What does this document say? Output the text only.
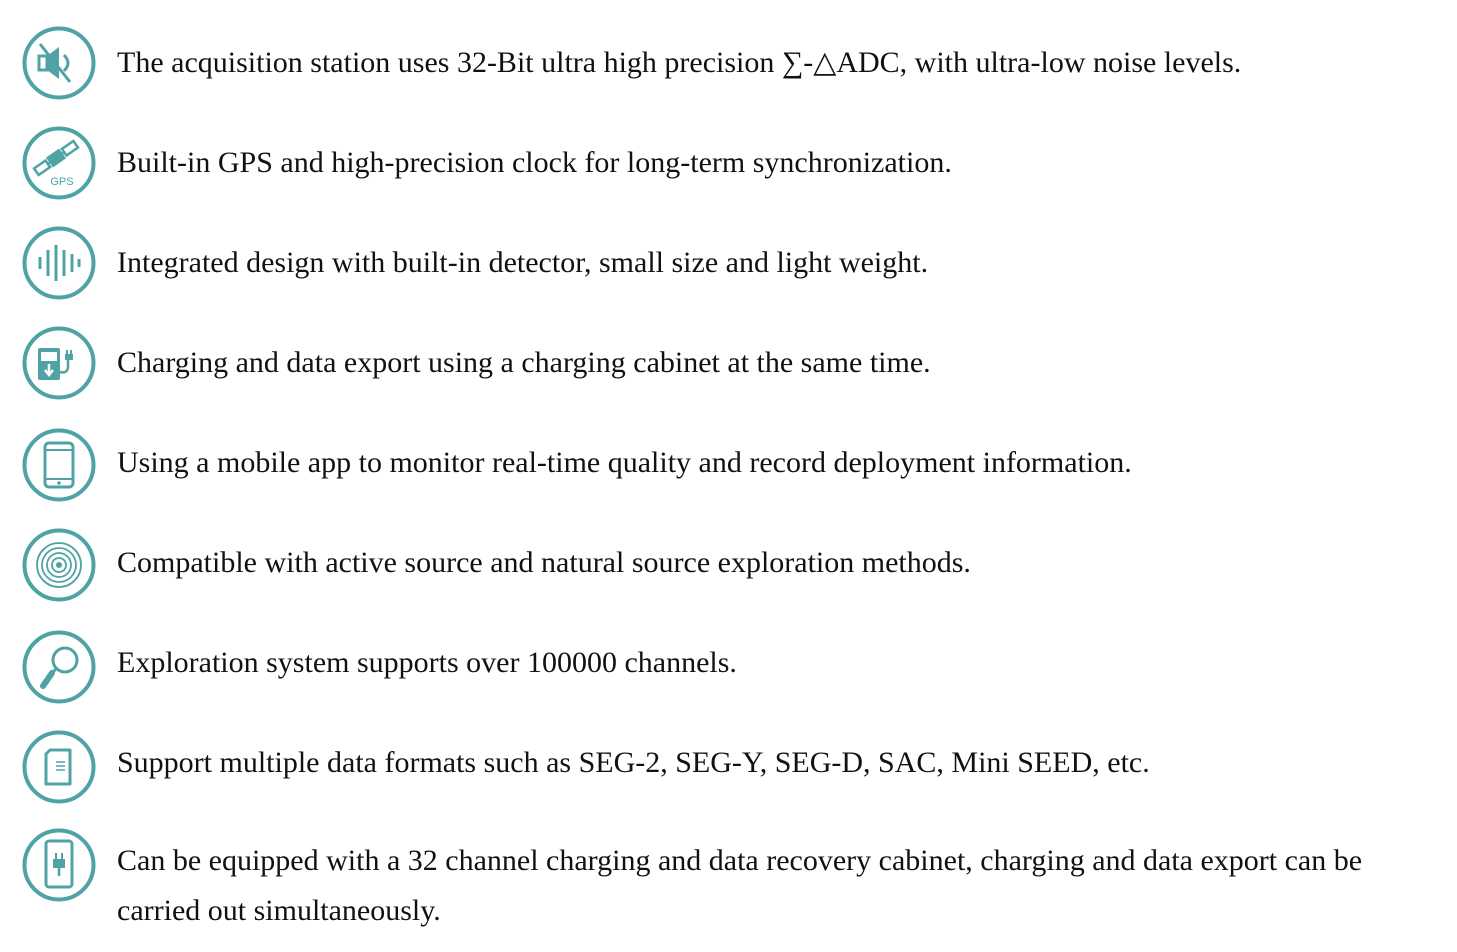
The acquisition station uses 32-Bit ultra high precision ∑-△ADC, with ultra-low noise levels.
GPS
Built-in GPS and high-precision clock for long-term synchronization.
Integrated design with built-in detector, small size and light weight.
Charging and data export using a charging cabinet at the same time.
Using a mobile app to monitor real-time quality and record deployment information.
Compatible with active source and natural source exploration methods.
Exploration system supports over 100000 channels.
Support multiple data formats such as SEG-2, SEG-Y, SEG-D, SAC, Mini SEED, etc.
Can be equipped with a 32 channel charging and data recovery cabinet, charging and data export can be carried out simultaneously.
